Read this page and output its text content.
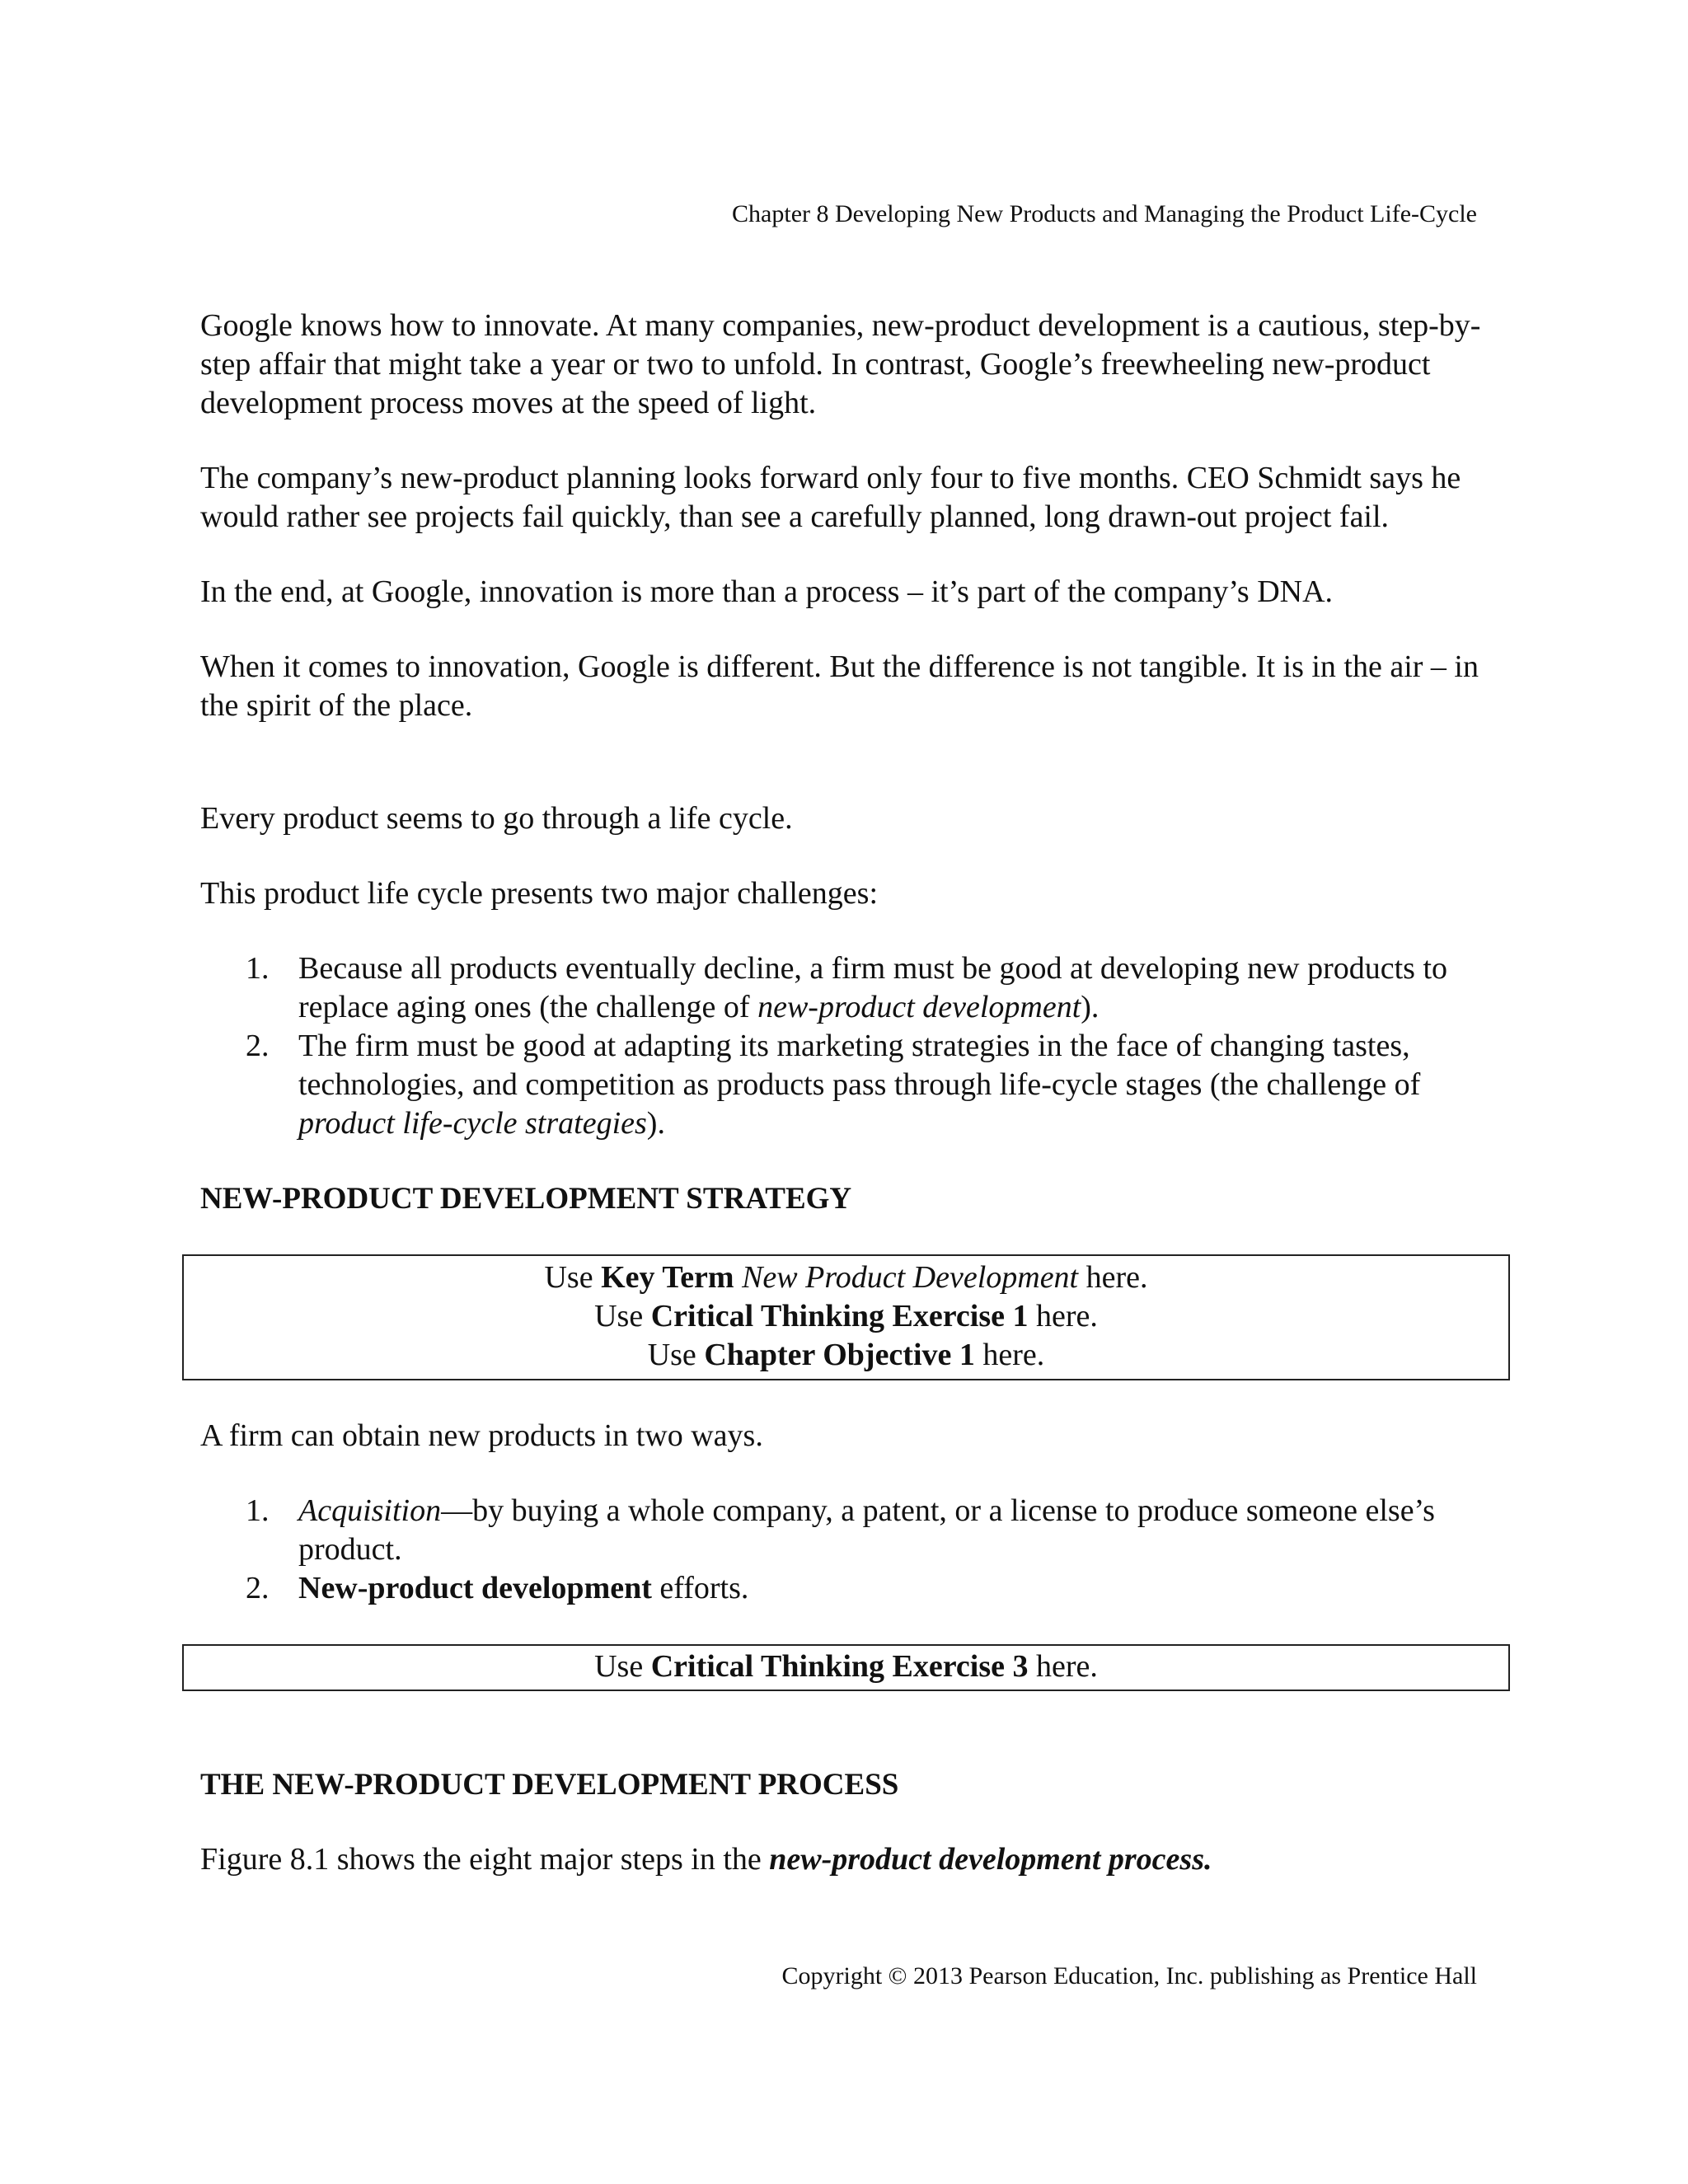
Chapter 8 Developing New Products and Managing the Product Life-Cycle

Google knows how to innovate. At many companies, new-product development is a cautious, step-by-step affair that might take a year or two to unfold. In contrast, Google’s freewheeling new-product development process moves at the speed of light.

The company’s new-product planning looks forward only four to five months. CEO Schmidt says he would rather see projects fail quickly, than see a carefully planned, long drawn-out project fail.

In the end, at Google, innovation is more than a process – it’s part of the company’s DNA.

When it comes to innovation, Google is different. But the difference is not tangible. It is in the air – in the spirit of the place.

Every product seems to go through a life cycle.

This product life cycle presents two major challenges:

1. Because all products eventually decline, a firm must be good at developing new products to replace aging ones (the challenge of new-product development).
2. The firm must be good at adapting its marketing strategies in the face of changing tastes, technologies, and competition as products pass through life-cycle stages (the challenge of product life-cycle strategies).

NEW-PRODUCT DEVELOPMENT STRATEGY

Use Key Term New Product Development here.
Use Critical Thinking Exercise 1 here.
Use Chapter Objective 1 here.

A firm can obtain new products in two ways.

1. Acquisition—by buying a whole company, a patent, or a license to produce someone else’s product.
2. New-product development efforts.
Use Critical Thinking Exercise 3 here.

THE NEW-PRODUCT DEVELOPMENT PROCESS

Figure 8.1 shows the eight major steps in the new-product development process.

Copyright © 2013 Pearson Education, Inc. publishing as Prentice Hall
